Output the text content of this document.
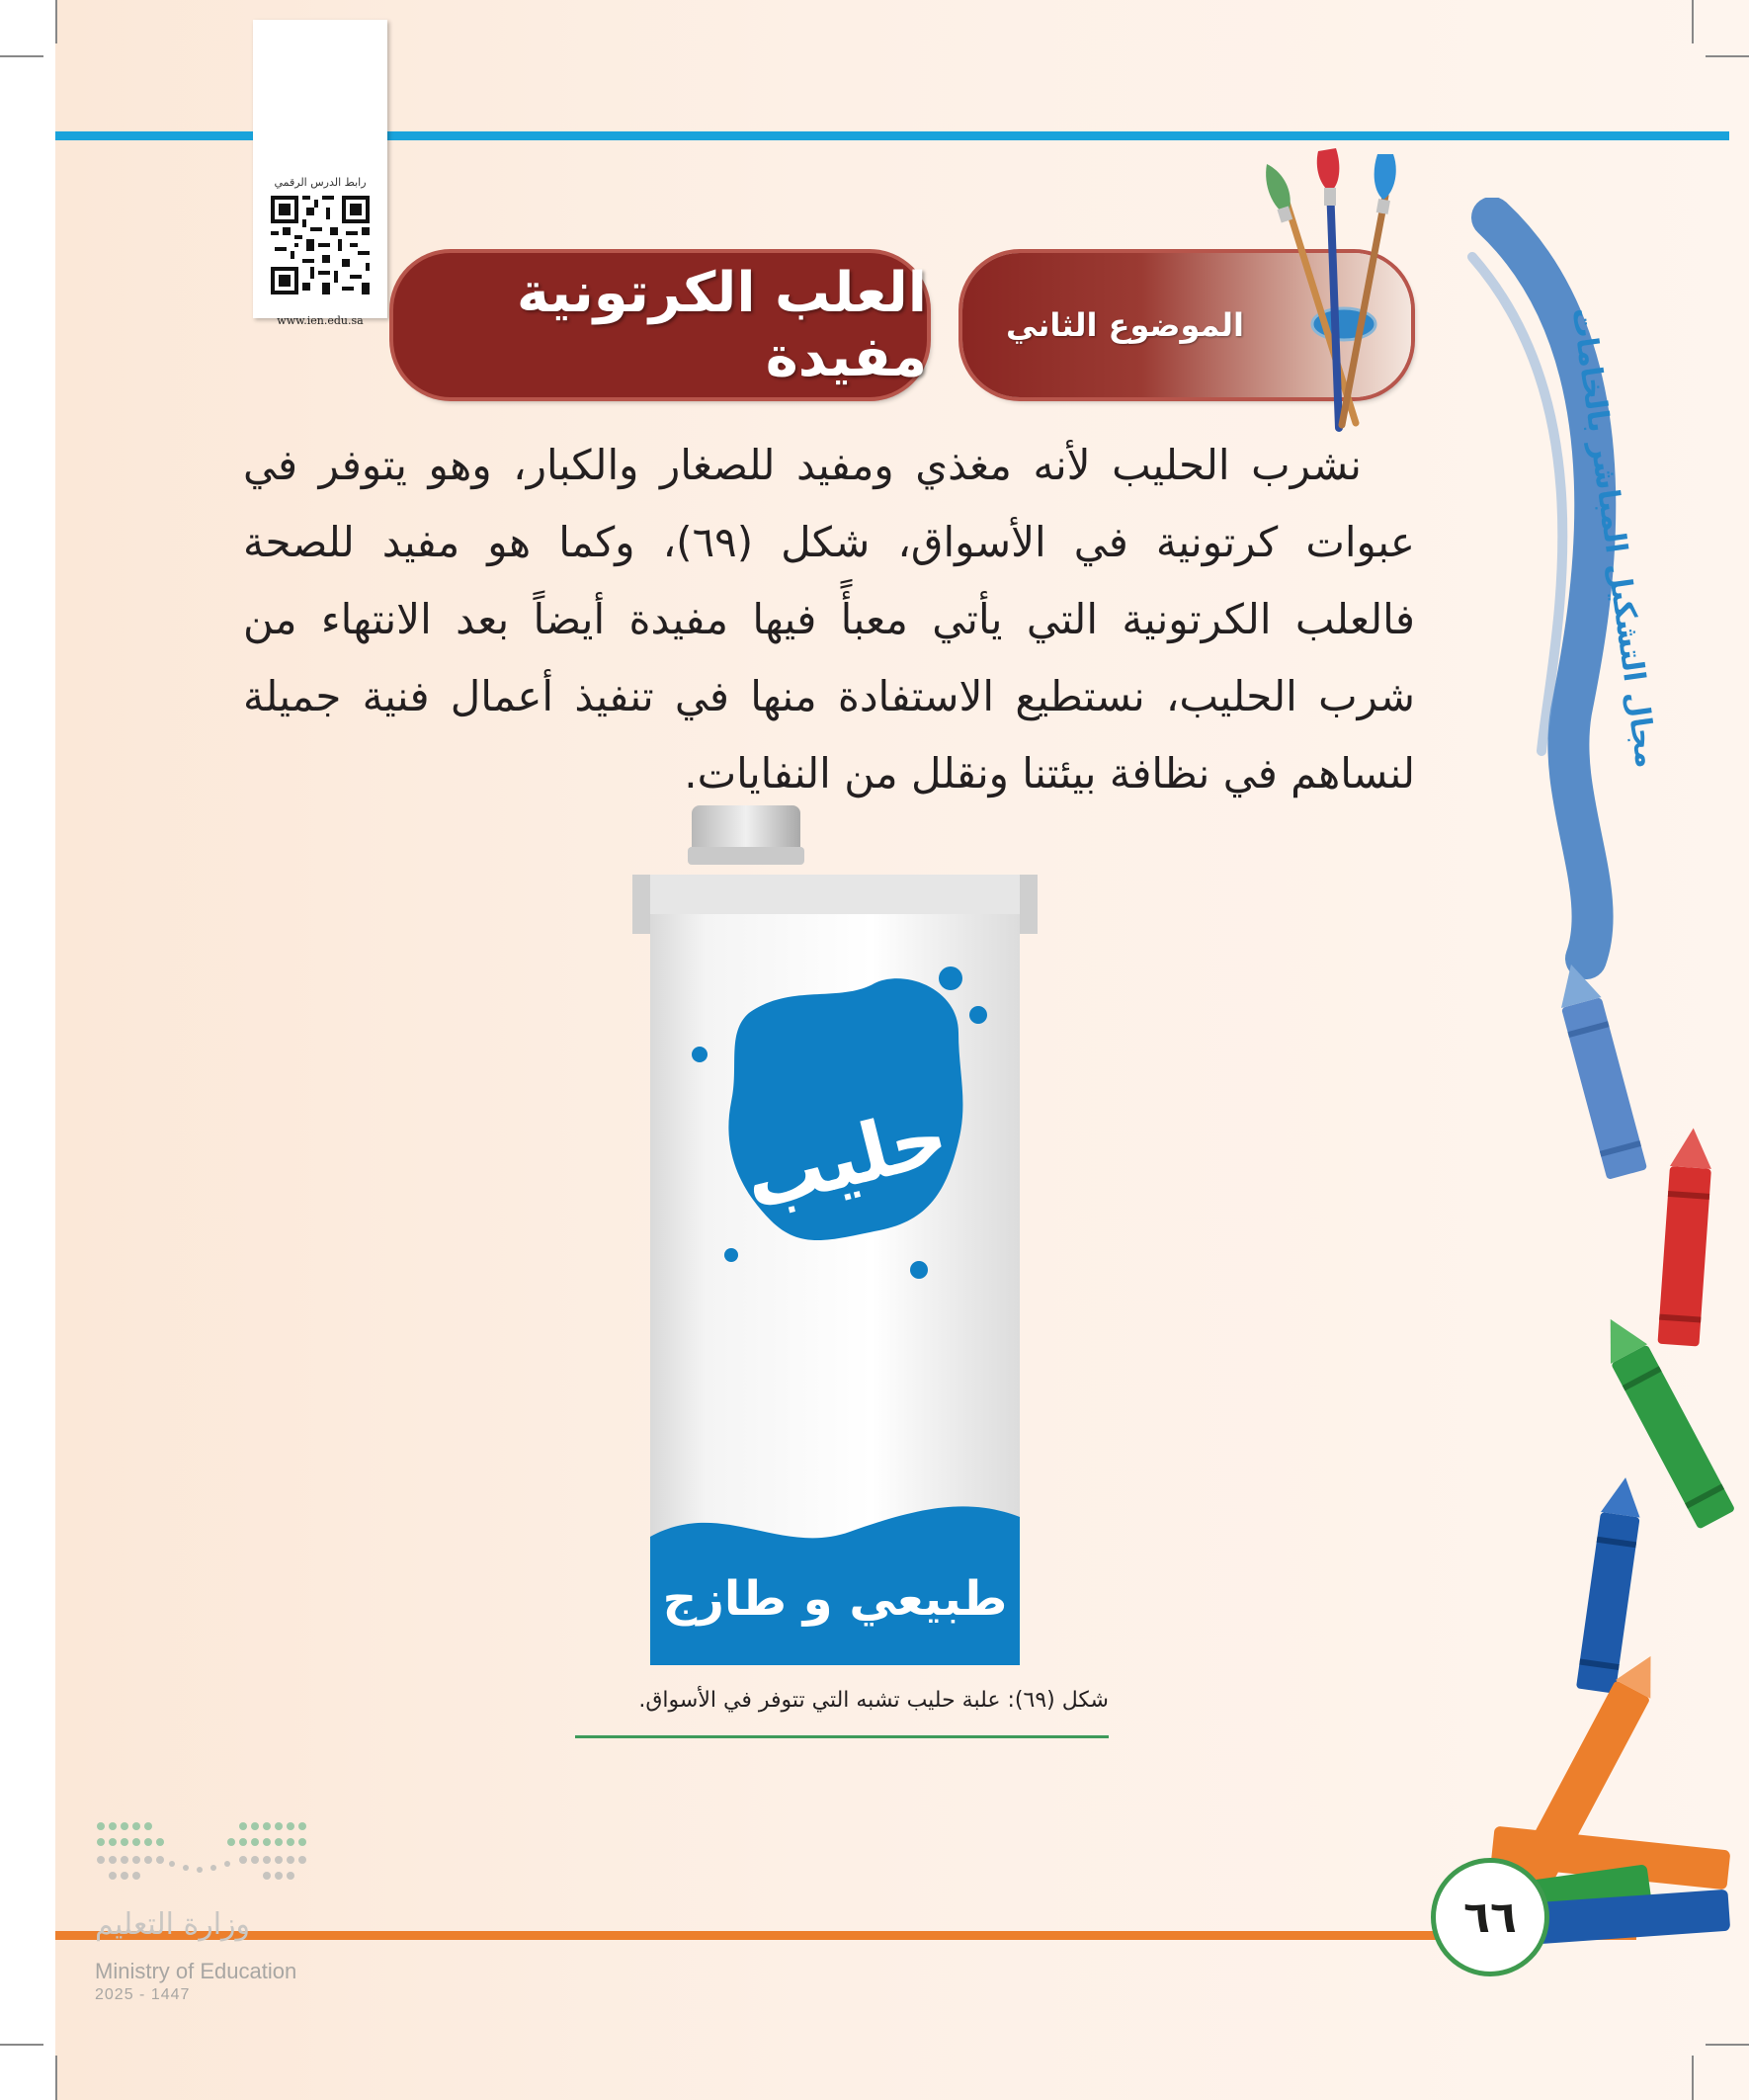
رابط الدرس الرقمي
www.ien.edu.sa	العلب الكرتونية مفيدة	الموضوع الثاني	مجال التشكيل المباشر بالخامات
نشرب الحليب لأنه مغذي ومفيد للصغار والكبار، وهو يتوفر في عبوات كرتونية في الأسواق، شكل (٦٩)، وكما هو مفيد للصحة فالعلب الكرتونية التي يأتي معبأً فيها مفيدة أيضاً بعد الانتهاء من شرب الحليب، نستطيع الاستفادة منها في تنفيذ أعمال فنية جميلة لنساهم في نظافة بيئتنا ونقلل من النفايات.
حليب
طبيعي و طازج
شكل (٦٩): علبة حليب تشبه التي تتوفر في الأسواق.
٦٦
وزارة التعليم
Ministry of Education
2025 - 1447
